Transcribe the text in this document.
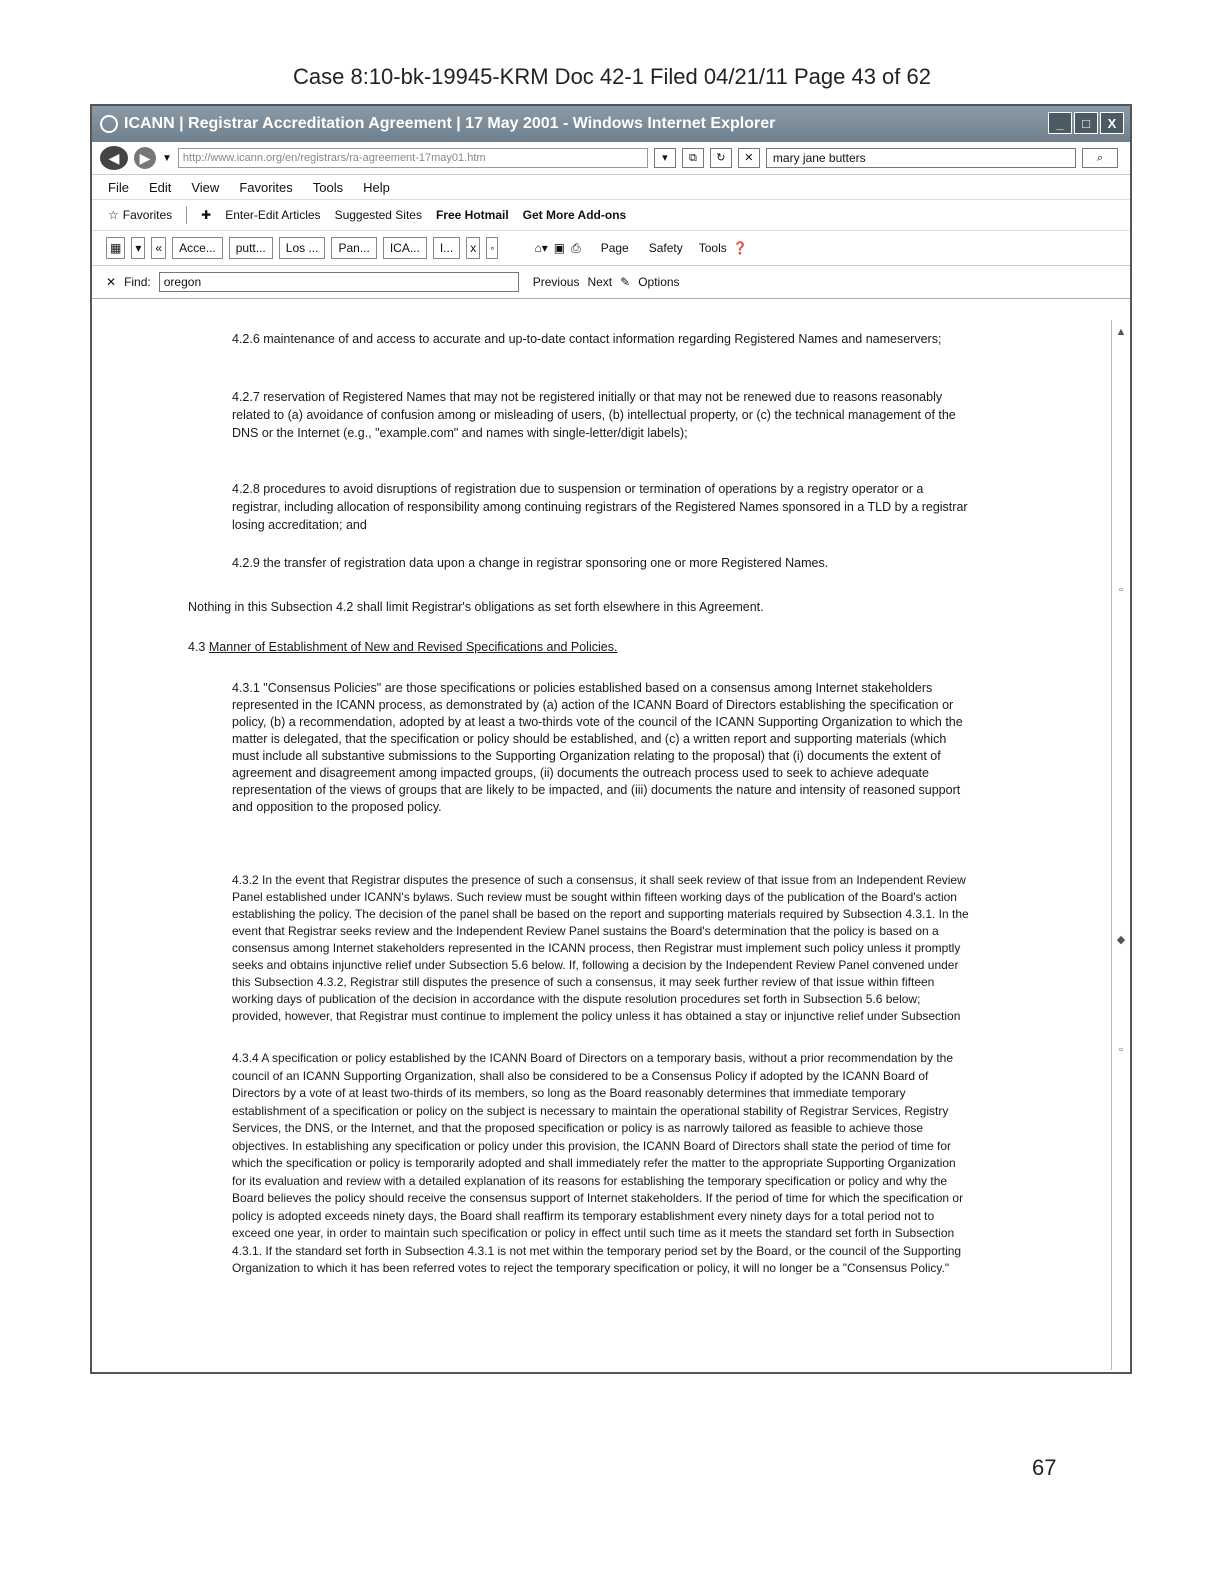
Case 8:10-bk-19945-KRM Doc 42-1 Filed 04/21/11 Page 43 of 62
ICANN | Registrar Accreditation Agreement | 17 May 2001 - Windows Internet Explorer	_	□	X
◀	▶	▼	http://www.icann.org/en/registrars/ra-agreement-17may01.htm	▾	⧉	↻	✕	mary jane butters	⌕
File Edit View Favorites Tools Help
☆ Favorites ✚ Enter-Edit Articles Suggested Sites Free Hotmail Get More Add-ons
▦	▾	«	Acce...	putt...	Los ...	Pan...	ICA...	I...	x	◦	⌂▾ ▣ ⎙ Page Safety Tools ❓
✕ Find:	oregon	Previous Next ✎ Options
4.2.6 maintenance of and access to accurate and up-to-date contact information regarding Registered Names and nameservers;
4.2.7 reservation of Registered Names that may not be registered initially or that may not be renewed due to reasons reasonably related to (a) avoidance of confusion among or misleading of users, (b) intellectual property, or (c) the technical management of the DNS or the Internet (e.g., "example.com" and names with single-letter/digit labels);
4.2.8 procedures to avoid disruptions of registration due to suspension or termination of operations by a registry operator or a registrar, including allocation of responsibility among continuing registrars of the Registered Names sponsored in a TLD by a registrar losing accreditation; and
4.2.9 the transfer of registration data upon a change in registrar sponsoring one or more Registered Names.
Nothing in this Subsection 4.2 shall limit Registrar's obligations as set forth elsewhere in this Agreement.
4.3 Manner of Establishment of New and Revised Specifications and Policies.
4.3.1 "Consensus Policies" are those specifications or policies established based on a consensus among Internet stakeholders represented in the ICANN process, as demonstrated by (a) action of the ICANN Board of Directors establishing the specification or policy, (b) a recommendation, adopted by at least a two-thirds vote of the council of the ICANN Supporting Organization to which the matter is delegated, that the specification or policy should be established, and (c) a written report and supporting materials (which must include all substantive submissions to the Supporting Organization relating to the proposal) that (i) documents the extent of agreement and disagreement among impacted groups, (ii) documents the outreach process used to seek to achieve adequate representation of the views of groups that are likely to be impacted, and (iii) documents the nature and intensity of reasoned support and opposition to the proposed policy.
4.3.2 In the event that Registrar disputes the presence of such a consensus, it shall seek review of that issue from an Independent Review Panel established under ICANN's bylaws. Such review must be sought within fifteen working days of the publication of the Board's action establishing the policy. The decision of the panel shall be based on the report and supporting materials required by Subsection 4.3.1. In the event that Registrar seeks review and the Independent Review Panel sustains the Board's determination that the policy is based on a consensus among Internet stakeholders represented in the ICANN process, then Registrar must implement such policy unless it promptly seeks and obtains injunctive relief under Subsection 5.6 below. If, following a decision by the Independent Review Panel convened under this Subsection 4.3.2, Registrar still disputes the presence of such a consensus, it may seek further review of that issue within fifteen working days of publication of the decision in accordance with the dispute resolution procedures set forth in Subsection 5.6 below; provided, however, that Registrar must continue to implement the policy unless it has obtained a stay or injunctive relief under Subsection
4.3.4 A specification or policy established by the ICANN Board of Directors on a temporary basis, without a prior recommendation by the council of an ICANN Supporting Organization, shall also be considered to be a Consensus Policy if adopted by the ICANN Board of Directors by a vote of at least two-thirds of its members, so long as the Board reasonably determines that immediate temporary establishment of a specification or policy on the subject is necessary to maintain the operational stability of Registrar Services, Registry Services, the DNS, or the Internet, and that the proposed specification or policy is as narrowly tailored as feasible to achieve those objectives. In establishing any specification or policy under this provision, the ICANN Board of Directors shall state the period of time for which the specification or policy is temporarily adopted and shall immediately refer the matter to the appropriate Supporting Organization for its evaluation and review with a detailed explanation of its reasons for establishing the temporary specification or policy and why the Board believes the policy should receive the consensus support of Internet stakeholders. If the period of time for which the specification or policy is adopted exceeds ninety days, the Board shall reaffirm its temporary establishment every ninety days for a total period not to exceed one year, in order to maintain such specification or policy in effect until such time as it meets the standard set forth in Subsection 4.3.1. If the standard set forth in Subsection 4.3.1 is not met within the temporary period set by the Board, or the council of the Supporting Organization to which it has been referred votes to reject the temporary specification or policy, it will no longer be a "Consensus Policy."
▲
▫
◆
▫
67
